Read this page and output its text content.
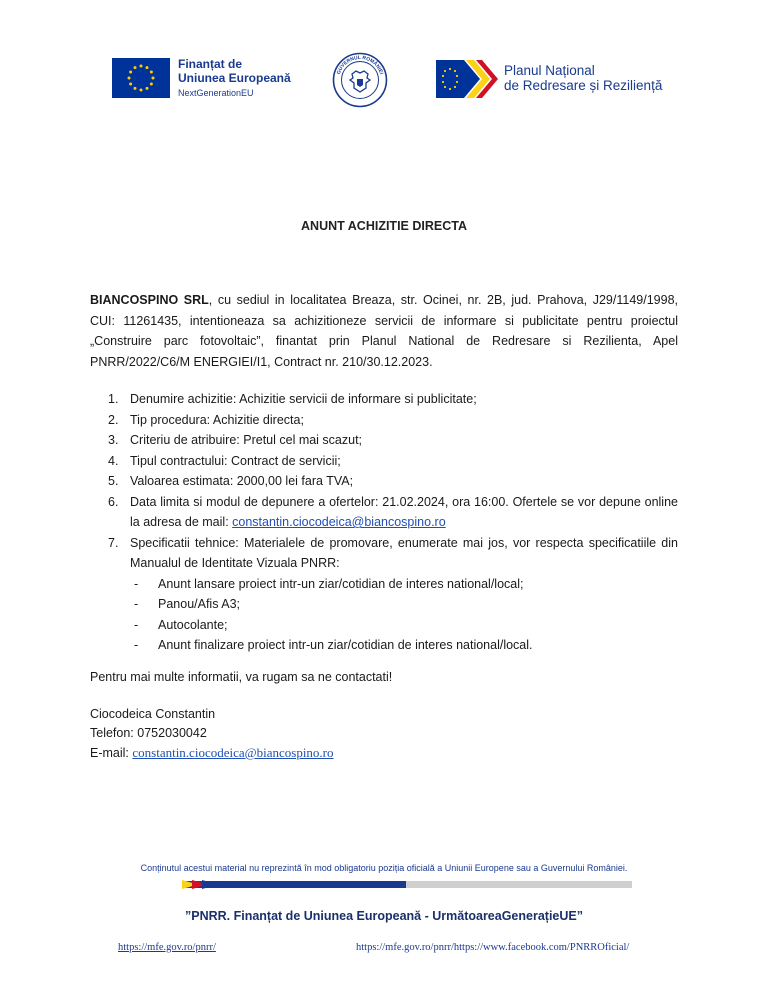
Finanțat de
Uniunea Europeană
NextGenerationEU
GUVERNUL ROMÂNIEI	Planul Național
de Redresare și Reziliență
ANUNT ACHIZITIE DIRECTA

BIANCOSPINO SRL, cu sediul in localitatea Breaza, str. Ocinei, nr. 2B, jud. Prahova, J29/1149/1998, CUI: 11261435, intentioneaza sa achizitioneze servicii de informare si publicitate pentru proiectul „Construire parc fotovoltaic”, finantat prin Planul National de Redresare si Rezilienta, Apel PNRR/2022/C6/M ENERGIEI/I1, Contract nr. 210/30.12.2023.

1. Denumire achizitie: Achizitie servicii de informare si publicitate;
2. Tip procedura: Achizitie directa;
3. Criteriu de atribuire: Pretul cel mai scazut;
4. Tipul contractului: Contract de servicii;
5. Valoarea estimata: 2000,00 lei fara TVA;
6. Data limita si modul de depunere a ofertelor: 21.02.2024, ora 16:00. Ofertele se vor depune online la adresa de mail: constantin.ciocodeica@biancospino.ro
7. Specificatii tehnice: Materialele de promovare, enumerate mai jos, vor respecta specificatiile din Manualul de Identitate Vizuala PNRR:
-	Anunt lansare proiect intr-un ziar/cotidian de interes national/local;
-	Panou/Afis A3;
-	Autocolante;
-	Anunt finalizare proiect intr-un ziar/cotidian de interes national/local.
Pentru mai multe informatii, va rugam sa ne contactati!
Ciocodeica Constantin
Telefon: 0752030042
E-mail: constantin.ciocodeica@biancospino.ro
Conținutul acestui material nu reprezintă în mod obligatoriu poziția oficială a Uniunii Europene sau a Guvernului României.
”PNRR. Finanțat de Uniunea Europeană - UrmătoareaGenerațieUE”
https://mfe.gov.ro/pnrr/	https://mfe.gov.ro/pnrr/https://www.facebook.com/PNRROficial/
